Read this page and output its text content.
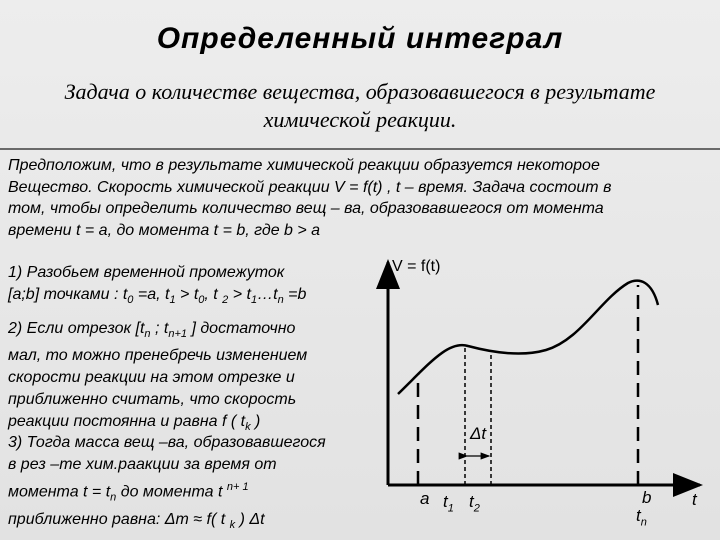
Определенный интеграл
Задача о количестве вещества, образовавшегося в результате
химической реакции.
Предположим, что в результате химической реакции образуется некоторое
Вещество. Скорость химической реакции V = f(t) , t – время. Задача состоит в
том, чтобы определить количество вещ – ва, образовавшегося от момента
времени t = a, до момента t = b, где b > a
1) Разобьем временной промежуток
[a;b] точками : $t_0 =a$, $t_1 > t_0$, t $_2 > t_1\dots t_n =b$
2) Если отрезок [$t_n$ ; $t_{n+1}$ ] достаточно
мал, то можно пренебречь изменением
скорости реакции на этом отрезке и
приближенно считать, что скорость
реакции постоянна и равна f ( $t_k$ )
3) Тогда масса вещ –ва, образовавшегося
в рез –те хим.раакции за время от
момента $t = t_n$ до момента t $^{n+ 1}$
приближенно равна: Δm ≈ f( t $_k$ ) Δt
V = f(t)
Δt
a $t_1$ $t_2$
b
$t_n$
t
